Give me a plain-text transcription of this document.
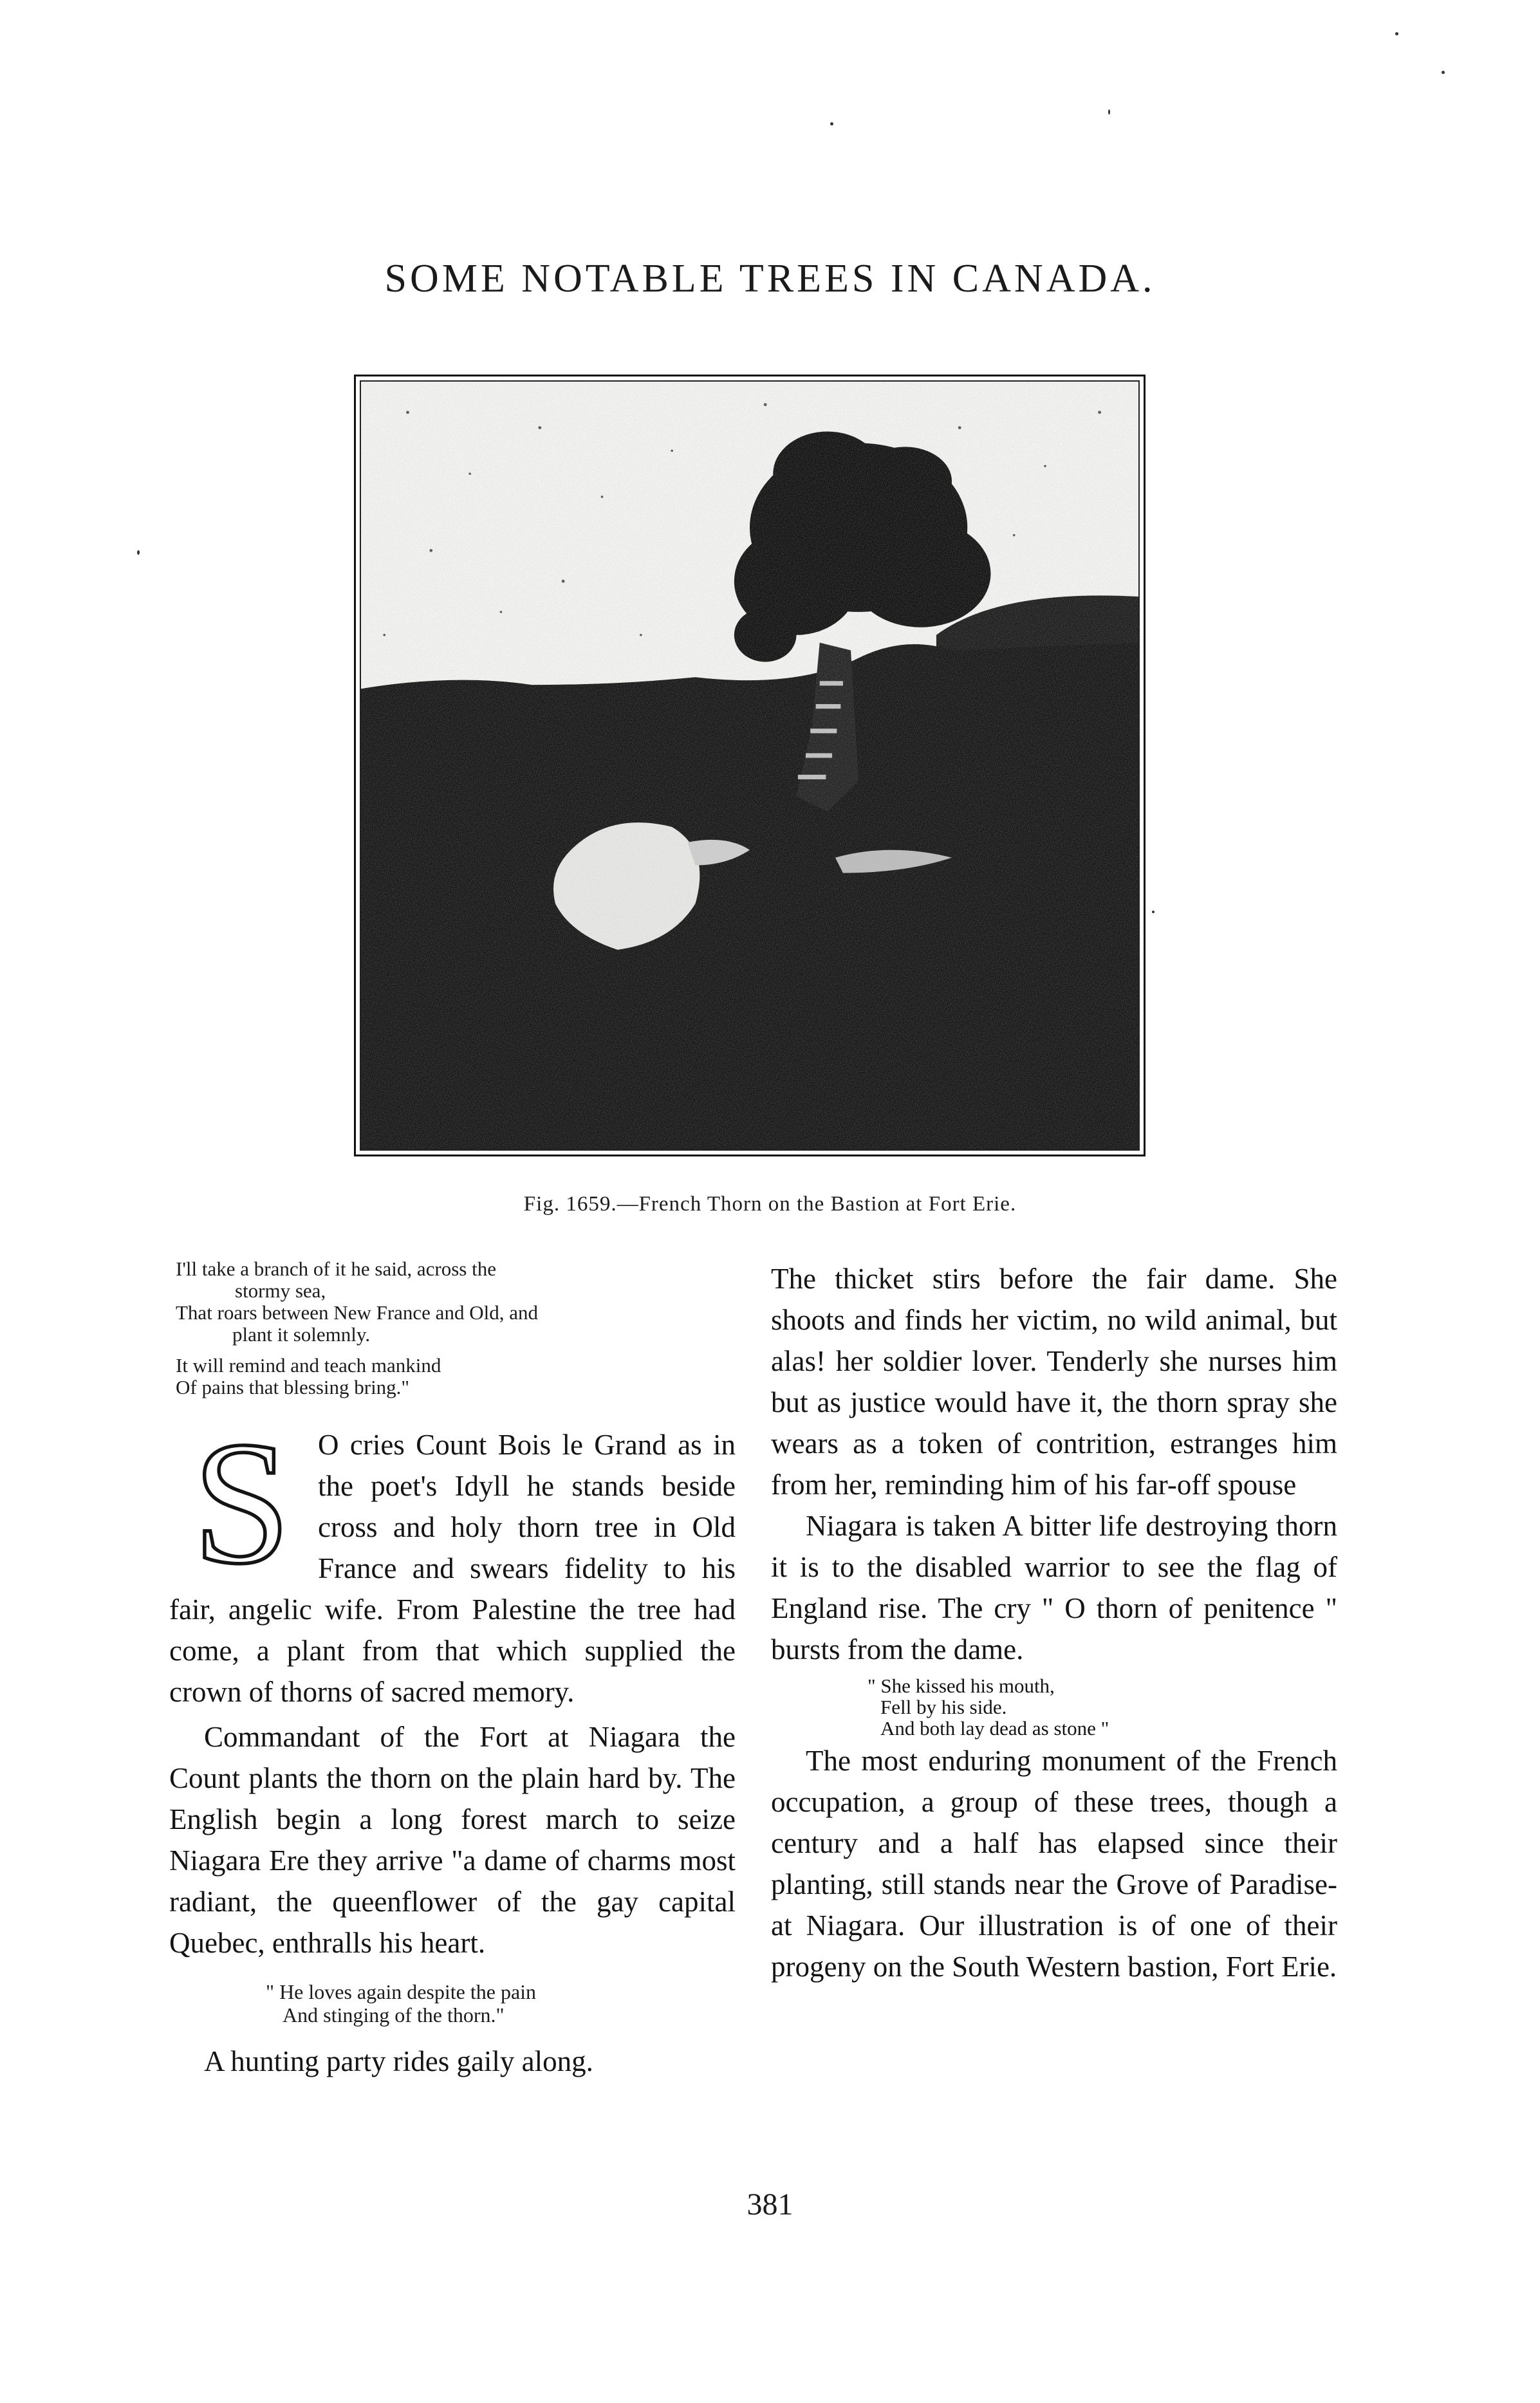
SOME NOTABLE TREES IN CANADA.
Fig. 1659.—French Thorn on the Bastion at Fort Erie.
I'll take a branch of it he said, across the
stormy sea,
That roars between New France and Old, and
plant it solemnly.
It will remind and teach mankind
Of pains that blessing bring."
S O cries Count Bois le Grand as in the poet's Idyll he stands beside cross and holy thorn tree in Old France and swears fidelity to his fair, angelic wife. From Palestine the tree had come, a plant from that which supplied the crown of thorns of sacred memory.

Commandant of the Fort at Niagara the Count plants the thorn on the plain hard by. The English begin a long forest march to seize Niagara Ere they arrive "a dame of charms most radiant, the queenflower of the gay capital Quebec, enthralls his heart.

" He loves again despite the pain
And stinging of the thorn."

A hunting party rides gaily along.

The thicket stirs before the fair dame. She shoots and finds her victim, no wild animal, but alas! her soldier lover. Tenderly she nurses him but as justice would have it, the thorn spray she wears as a token of contrition, estranges him from her, reminding him of his far-off spouse

Niagara is taken A bitter life destroying thorn it is to the disabled warrior to see the flag of England rise. The cry " O thorn of penitence " bursts from the dame.

" She kissed his mouth,
Fell by his side.
And both lay dead as stone "

The most enduring monument of the French occupation, a group of these trees, though a century and a half has elapsed since their planting, still stands near the Grove of Paradise-at Niagara. Our illustration is of one of their progeny on the South Western bastion, Fort Erie.

381
